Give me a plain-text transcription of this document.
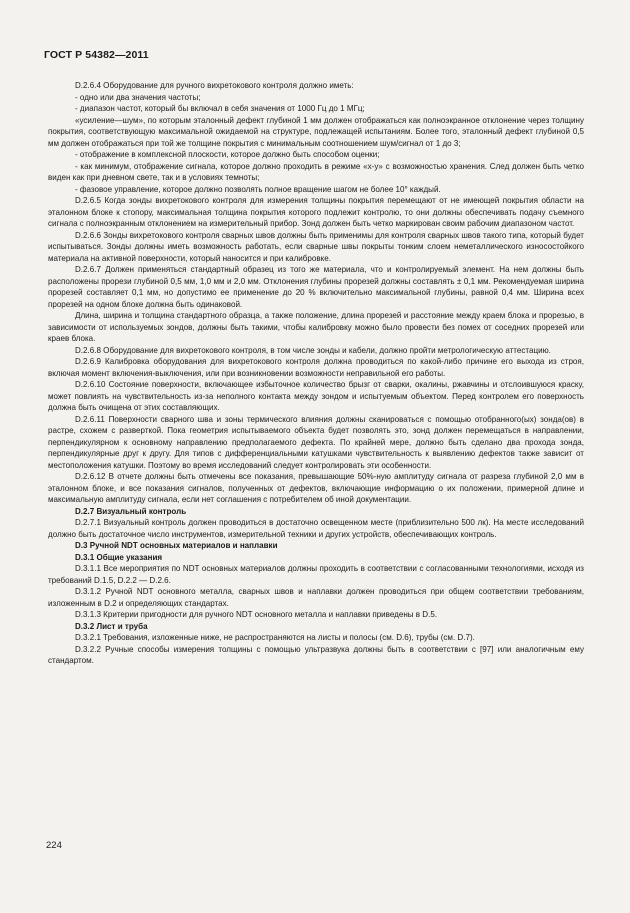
ГОСТ Р 54382—2011

D.2.6.4 Оборудование для ручного вихретокового контроля должно иметь:

- одно или два значения частоты;

- диапазон частот, который бы включал в себя значения от 1000 Гц до 1 МГц;

«усиление—шум», по которым эталонный дефект глубиной 1 мм должен отображаться как полноэкранное отклонение через толщину покрытия, соответствующую максимальной ожидаемой на структуре, подлежащей испытаниям. Более того, эталонный дефект глубиной 0,5 мм должен отображаться при той же толщине покрытия с минимальным соотношением шум/сигнал от 1 до 3;

- отображение в комплексной плоскости, которое должно быть способом оценки;

- как минимум, отображение сигнала, которое должно проходить в режиме «х-у» с возможностью хранения. След должен быть четко виден как при дневном свете, так и в условиях темноты;

- фазовое управление, которое должно позволять полное вращение шагом не более 10° каждый.

D.2.6.5 Когда зонды вихретокового контроля для измерения толщины покрытия перемещают от не имеющей покрытия области на эталонном блоке к стопору, максимальная толщина покрытия которого подлежит контролю, то они должны обеспечивать подачу съемного сигнала с полноэкранным отклонением на измерительный прибор. Зонд должен быть четко маркирован своим рабочим диапазоном частот.

D.2.6.6 Зонды вихретокового контроля сварных швов должны быть применимы для контроля сварных швов такого типа, который будет испытываться. Зонды должны иметь возможность работать, если сварные швы покрыты тонким слоем неметаллического износостойкого материала на активной поверхности, который наносится и при калибровке.

D.2.6.7 Должен применяться стандартный образец из того же материала, что и контролируемый элемент. На нем должны быть расположены прорези глубиной 0,5 мм, 1,0 мм и 2,0 мм. Отклонения глубины прорезей должны составлять ± 0,1 мм. Рекомендуемая ширина прорезей составляет 0,1 мм, но допустимо ее применение до 20 % включительно максимальной глубины, равной 0,4 мм. Ширина всех прорезей на одном блоке должна быть одинаковой.

Длина, ширина и толщина стандартного образца, а также положение, длина прорезей и расстояние между краем блока и прорезью, в зависимости от используемых зондов, должны быть такими, чтобы калибровку можно было провести без помех от соседних прорезей или краев блока.

D.2.6.8 Оборудование для вихретокового контроля, в том числе зонды и кабели, должно пройти метрологическую аттестацию.

D.2.6.9 Калибровка оборудования для вихретокового контроля должна проводиться по какой-либо причине его выхода из строя, включая момент включения-выключения, или при возникновении возможности неправильной его работы.

D.2.6.10 Состояние поверхности, включающее избыточное количество брызг от сварки, окалины, ржавчины и отслоившуюся краску, может повлиять на чувствительность из-за неполного контакта между зондом и испытуемым объектом. Перед контролем его поверхность должна быть очищена от этих составляющих.

D.2.6.11 Поверхности сварного шва и зоны термического влияния должны сканироваться с помощью отобранного(ых) зонда(ов) в растре, схожем с разверткой. Пока геометрия испытываемого объекта будет позволять это, зонд должен перемещаться в направлении, перпендикулярном к основному направлению предполагаемого дефекта. По крайней мере, должно быть сделано два прохода зонда, перпендикулярные друг к другу. Для типов с дифференциальными катушками чувствительность к выявлению дефектов также зависит от местоположения катушки. Поэтому во время исследований следует контролировать эти особенности.

D.2.6.12 В отчете должны быть отмечены все показания, превышающие 50%-ную амплитуду сигнала от разреза глубиной 2,0 мм в эталонном блоке, и все показания сигналов, полученных от дефектов, включающие информацию о их положении, примерной длине и максимальную амплитуду сигнала, если нет соглашения с потребителем об иной документации.

D.2.7 Визуальный контроль

D.2.7.1 Визуальный контроль должен проводиться в достаточно освещенном месте (приблизительно 500 лк). На месте исследований должно быть достаточное число инструментов, измерительной техники и других устройств, обеспечивающих контроль.

D.3 Ручной NDT основных материалов и наплавки

D.3.1 Общие указания

D.3.1.1 Все мероприятия по NDT основных материалов должны проходить в соответствии с согласованными технологиями, исходя из требований D.1.5, D.2.2 — D.2.6.

D.3.1.2 Ручной NDT основного металла, сварных швов и наплавки должен проводиться при общем соответствии требованиям, изложенным в D.2 и определяющих стандартах.

D.3.1.3 Критерии пригодности для ручного NDT основного металла и наплавки приведены в D.5.

D.3.2 Лист и труба

D.3.2.1 Требования, изложенные ниже, не распространяются на листы и полосы (см. D.6), трубы (см. D.7).

D.3.2.2 Ручные способы измерения толщины с помощью ультразвука должны быть в соответствии с [97] или аналогичным ему стандартом.

224
